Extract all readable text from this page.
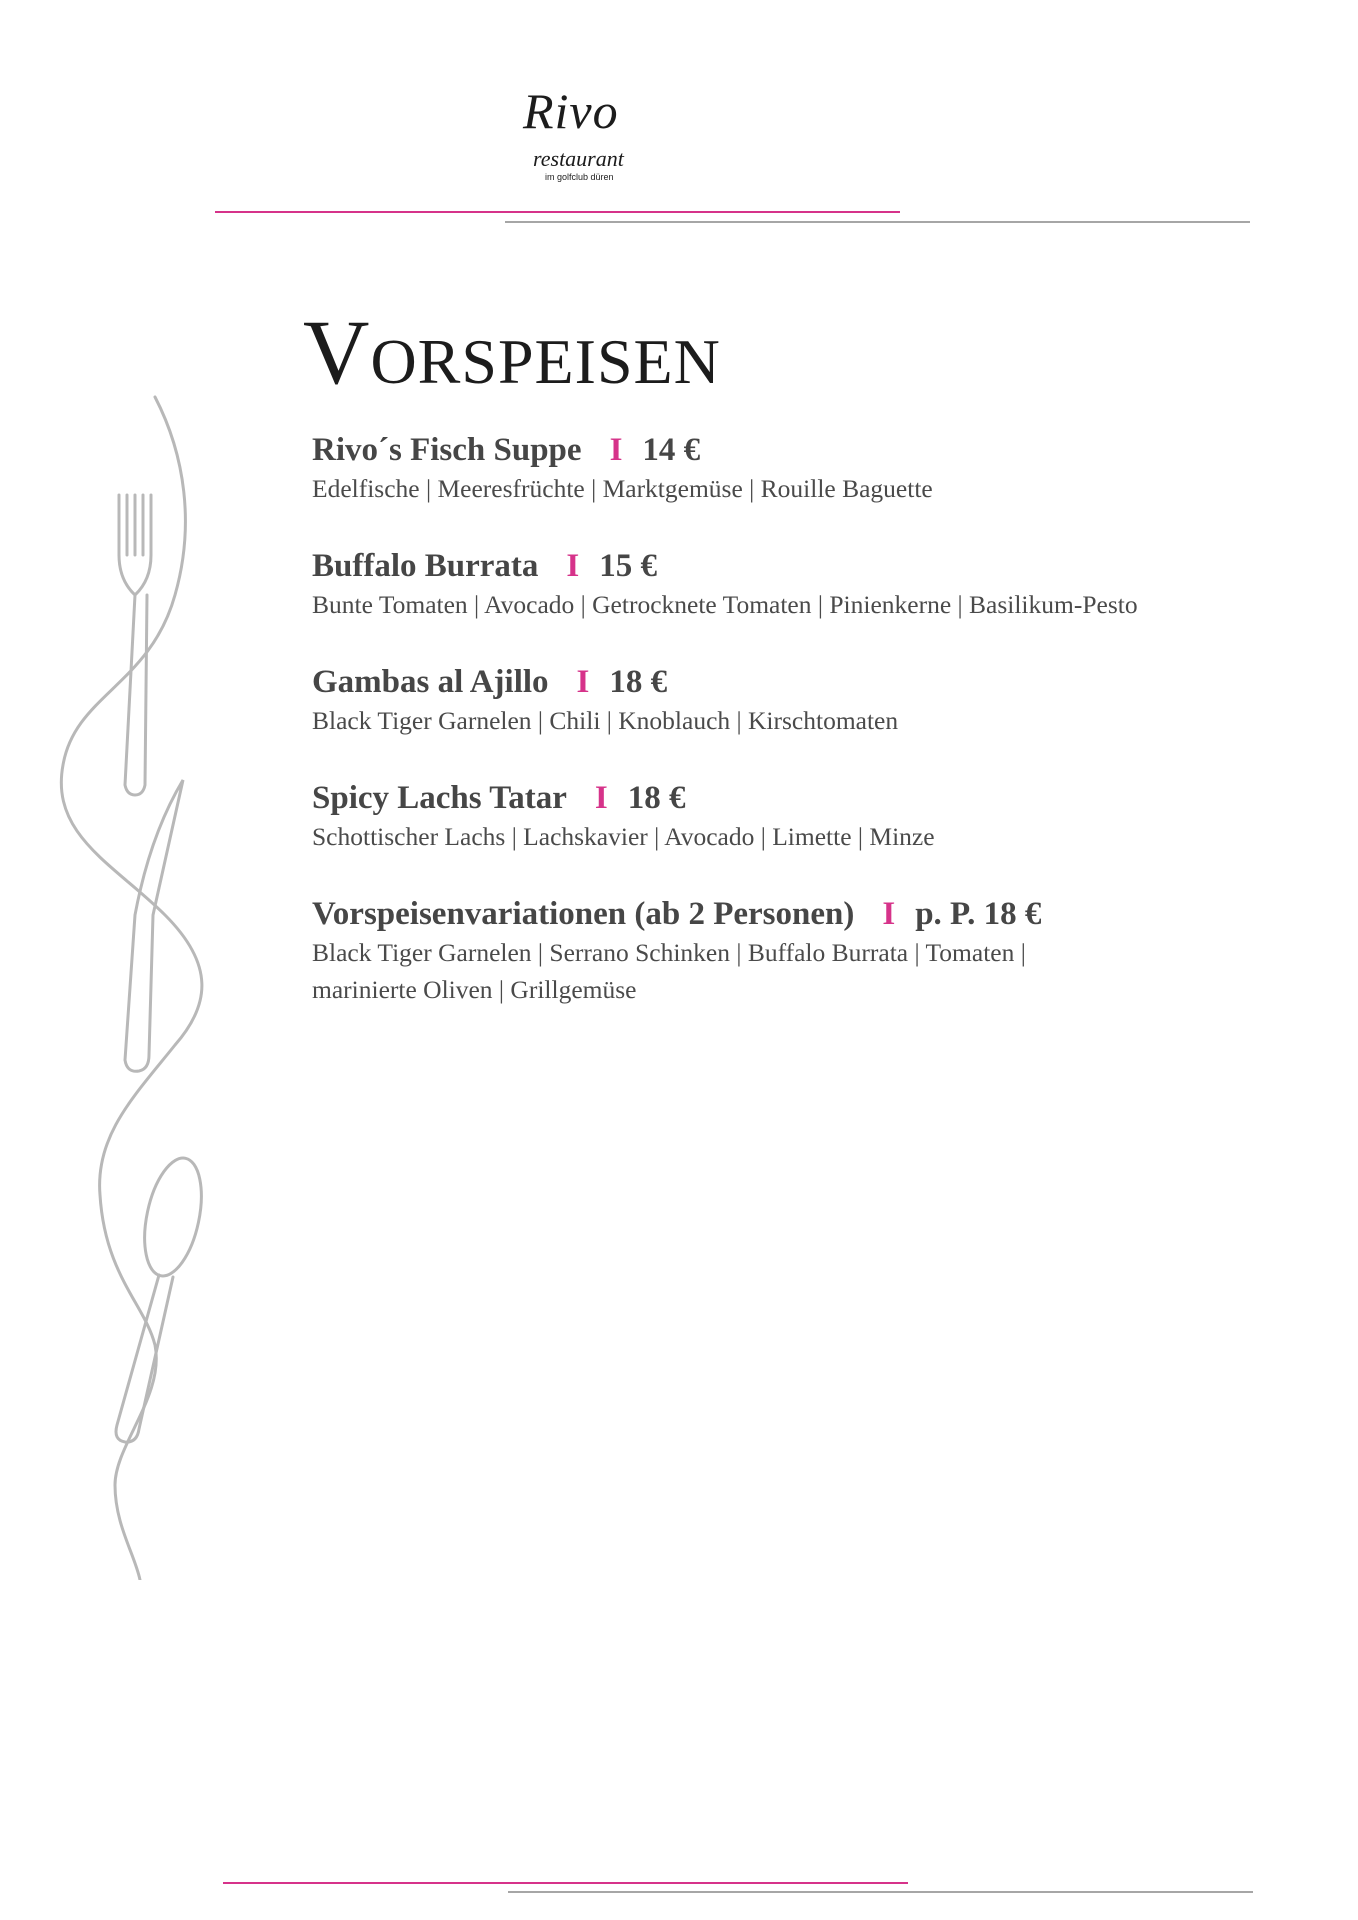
Rivo
restaurant
im golfclub düren
Vorspeisen
Rivo´s Fisch Suppe I 14 €
Edelfische | Meeresfrüchte | Marktgemüse | Rouille Baguette
Buffalo Burrata I 15 €
Bunte Tomaten | Avocado | Getrocknete Tomaten | Pinienkerne | Basilikum-Pesto
Gambas al Ajillo I 18 €
Black Tiger Garnelen | Chili | Knoblauch | Kirschtomaten
Spicy Lachs Tatar I 18 €
Schottischer Lachs | Lachskavier | Avocado | Limette | Minze
Vorspeisenvariationen (ab 2 Personen) I p. P. 18 €
Black Tiger Garnelen | Serrano Schinken | Buffalo Burrata | Tomaten | marinierte Oliven | Grillgemüse
